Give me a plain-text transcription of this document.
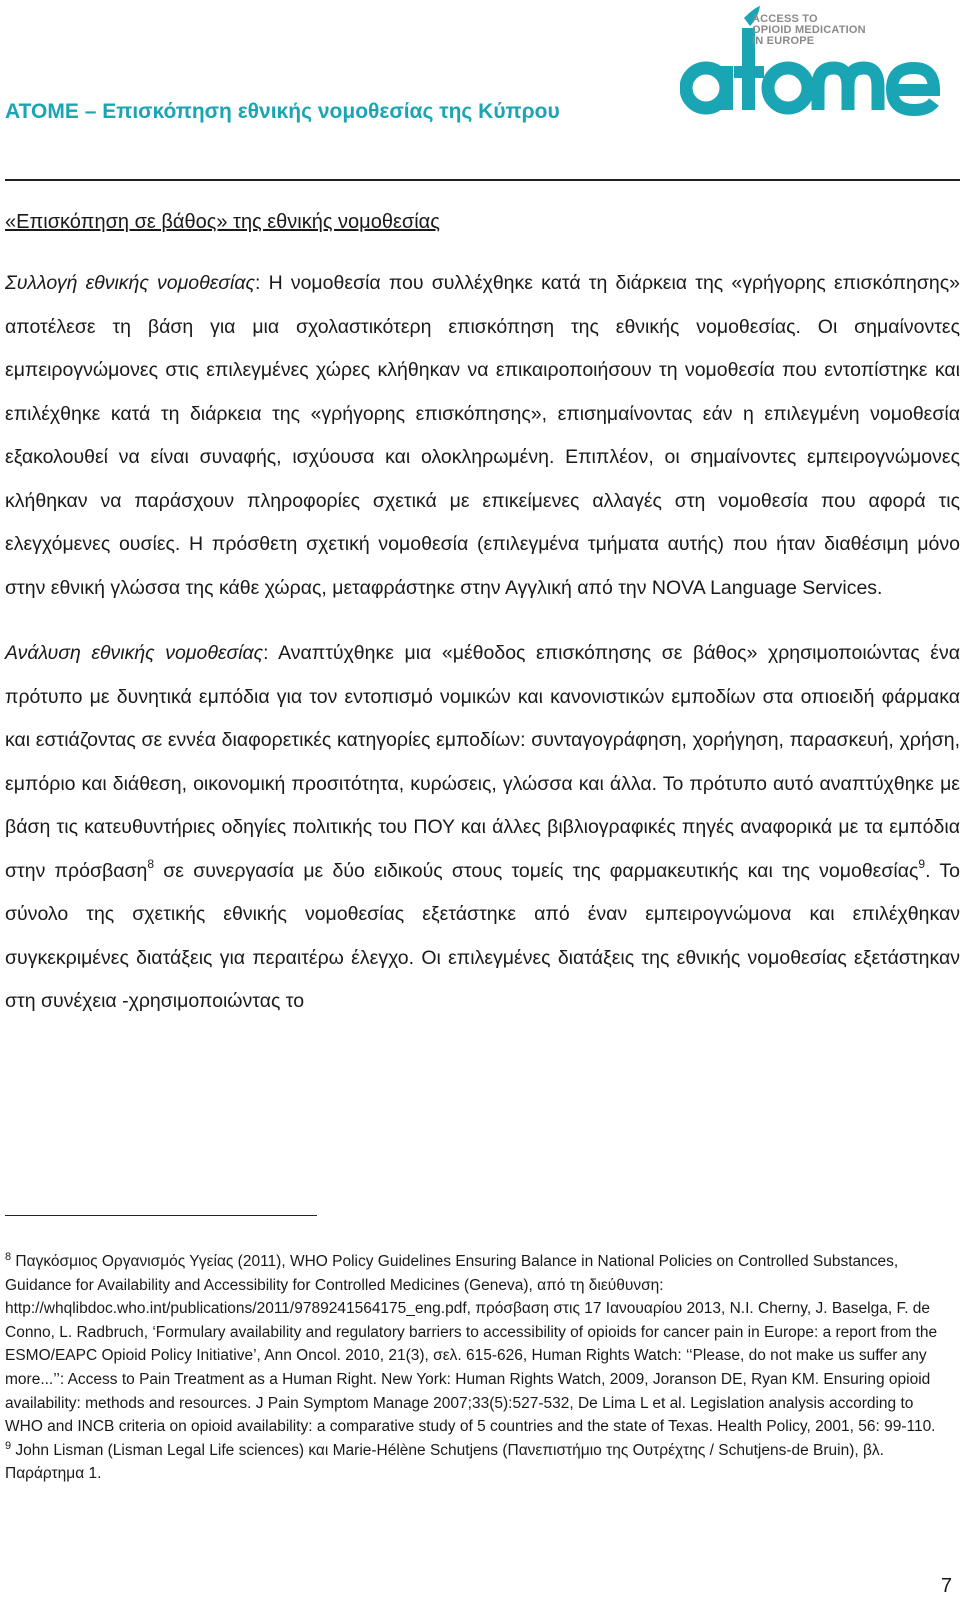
ATOME – Επισκόπηση εθνικής νομοθεσίας της Κύπρου
ACCESS TO
OPIOID MEDICATION
IN EUROPE
«Επισκόπηση σε βάθος» της εθνικής νομοθεσίας

Συλλογή εθνικής νομοθεσίας: Η νομοθεσία που συλλέχθηκε κατά τη διάρκεια της «γρήγορης επισκόπησης» αποτέλεσε τη βάση για μια σχολαστικότερη επισκόπηση της εθνικής νομοθεσίας. Οι σημαίνοντες εμπειρογνώμονες στις επιλεγμένες χώρες κλήθηκαν να επικαιροποιήσουν τη νομοθεσία που εντοπίστηκε και επιλέχθηκε κατά τη διάρκεια της «γρήγορης επισκόπησης», επισημαίνοντας εάν η επιλεγμένη νομοθεσία εξακολουθεί να είναι συναφής, ισχύουσα και ολοκληρωμένη. Επιπλέον, οι σημαίνοντες εμπειρογνώμονες κλήθηκαν να παράσχουν πληροφορίες σχετικά με επικείμενες αλλαγές στη νομοθεσία που αφορά τις ελεγχόμενες ουσίες. Η πρόσθετη σχετική νομοθεσία (επιλεγμένα τμήματα αυτής) που ήταν διαθέσιμη μόνο στην εθνική γλώσσα της κάθε χώρας, μεταφράστηκε στην Αγγλική από την NOVA Language Services.

Ανάλυση εθνικής νομοθεσίας: Αναπτύχθηκε μια «μέθοδος επισκόπησης σε βάθος» χρησιμοποιώντας ένα πρότυπο με δυνητικά εμπόδια για τον εντοπισμό νομικών και κανονιστικών εμποδίων στα οπιοειδή φάρμακα και εστιάζοντας σε εννέα διαφορετικές κατηγορίες εμποδίων: συνταγογράφηση, χορήγηση, παρασκευή, χρήση, εμπόριο και διάθεση, οικονομική προσιτότητα, κυρώσεις, γλώσσα και άλλα. Το πρότυπο αυτό αναπτύχθηκε με βάση τις κατευθυντήριες οδηγίες πολιτικής του ΠΟΥ και άλλες βιβλιογραφικές πηγές αναφορικά με τα εμπόδια στην πρόσβαση$^8$ σε συνεργασία με δύο ειδικούς στους τομείς της φαρμακευτικής και της νομοθεσίας$^9$. Το σύνολο της σχετικής εθνικής νομοθεσίας εξετάστηκε από έναν εμπειρογνώμονα και επιλέχθηκαν συγκεκριμένες διατάξεις για περαιτέρω έλεγχο. Οι επιλεγμένες διατάξεις της εθνικής νομοθεσίας εξετάστηκαν στη συνέχεια -χρησιμοποιώντας το

$^8$ Παγκόσμιος Οργανισμός Υγείας (2011), WHO Policy Guidelines Ensuring Balance in National Policies on Controlled Substances, Guidance for Availability and Accessibility for Controlled Medicines (Geneva), από τη διεύθυνση: http://whqlibdoc.who.int/publications/2011/9789241564175_eng.pdf, πρόσβαση στις 17 Ιανουαρίου 2013, N.I. Cherny, J. Baselga, F. de Conno, L. Radbruch, ‘Formulary availability and regulatory barriers to accessibility of opioids for cancer pain in Europe: a report from the ESMO/EAPC Opioid Policy Initiative’, Ann Oncol. 2010, 21(3), σελ. 615-626, Human Rights Watch: ‘‘Please, do not make us suffer any more...’’: Access to Pain Treatment as a Human Right. New York: Human Rights Watch, 2009, Joranson DE, Ryan KM. Ensuring opioid availability: methods and resources. J Pain Symptom Manage 2007;33(5):527-532, De Lima L et al. Legislation analysis according to WHO and INCB criteria on opioid availability: a comparative study of 5 countries and the state of Texas. Health Policy, 2001, 56: 99-110.

$^9$ John Lisman (Lisman Legal Life sciences) και Marie-Hélène Schutjens (Πανεπιστήμιο της Ουτρέχτης / Schutjens-de Bruin), βλ. Παράρτημα 1.

7
